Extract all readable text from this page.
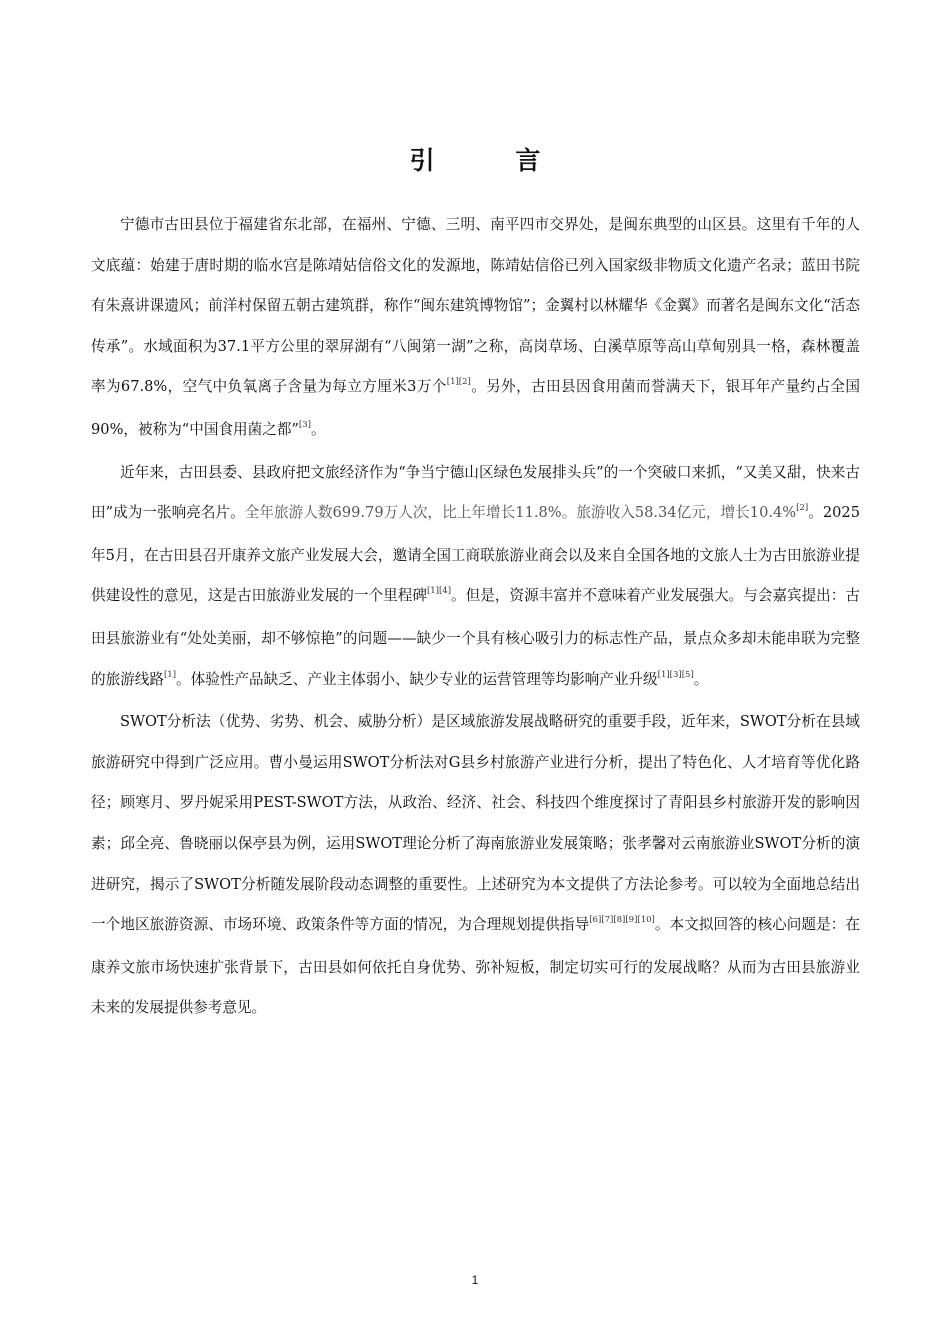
引 言

宁德市古田县位于福建省东北部，在福州、宁德、三明、南平四市交界处，是闽东典型的山区县。这里有千年的人文底蕴：始建于唐时期的临水宫是陈靖姑信俗文化的发源地，陈靖姑信俗已列入国家级非物质文化遗产名录；蓝田书院有朱熹讲课遗风；前洋村保留五朝古建筑群，称作“闽东建筑博物馆”；金翼村以林耀华《金翼》而著名是闽东文化“活态传承”。水域面积为37.1平方公里的翠屏湖有“八闽第一湖”之称，高岗草场、白溪草原等高山草甸别具一格，森林覆盖率为67.8%，空气中负氧离子含量为每立方厘米3万个[1][2]。另外，古田县因食用菌而誉满天下，银耳年产量约占全国90%，被称为“中国食用菌之都”[3]。

近年来，古田县委、县政府把文旅经济作为“争当宁德山区绿色发展排头兵”的一个突破口来抓，“又美又甜，快来古田”成为一张响亮名片。全年旅游人数699.79万人次，比上年增长11.8%。旅游收入58.34亿元，增长10.4%[2]。2025年5月，在古田县召开康养文旅产业发展大会，邀请全国工商联旅游业商会以及来自全国各地的文旅人士为古田旅游业提供建设性的意见，这是古田旅游业发展的一个里程碑[1][4]。但是，资源丰富并不意味着产业发展强大。与会嘉宾提出：古田县旅游业有“处处美丽，却不够惊艳”的问题——缺少一个具有核心吸引力的标志性产品，景点众多却未能串联为完整的旅游线路[1]。体验性产品缺乏、产业主体弱小、缺少专业的运营管理等均影响产业升级[1][3][5]。

SWOT分析法（优势、劣势、机会、威胁分析）是区域旅游发展战略研究的重要手段，近年来，SWOT分析在县域旅游研究中得到广泛应用。曹小曼运用SWOT分析法对G县乡村旅游产业进行分析，提出了特色化、人才培育等优化路径；顾寒月、罗丹妮采用PEST-SWOT方法，从政治、经济、社会、科技四个维度探讨了青阳县乡村旅游开发的影响因素；邱全亮、鲁晓丽以保亭县为例，运用SWOT理论分析了海南旅游业发展策略；张孝馨对云南旅游业SWOT分析的演进研究，揭示了SWOT分析随发展阶段动态调整的重要性。上述研究为本文提供了方法论参考。可以较为全面地总结出一个地区旅游资源、市场环境、政策条件等方面的情况，为合理规划提供指导[6][7][8][9][10]。本文拟回答的核心问题是：在康养文旅市场快速扩张背景下，古田县如何依托自身优势、弥补短板，制定切实可行的发展战略？从而为古田县旅游业未来的发展提供参考意见。

1
